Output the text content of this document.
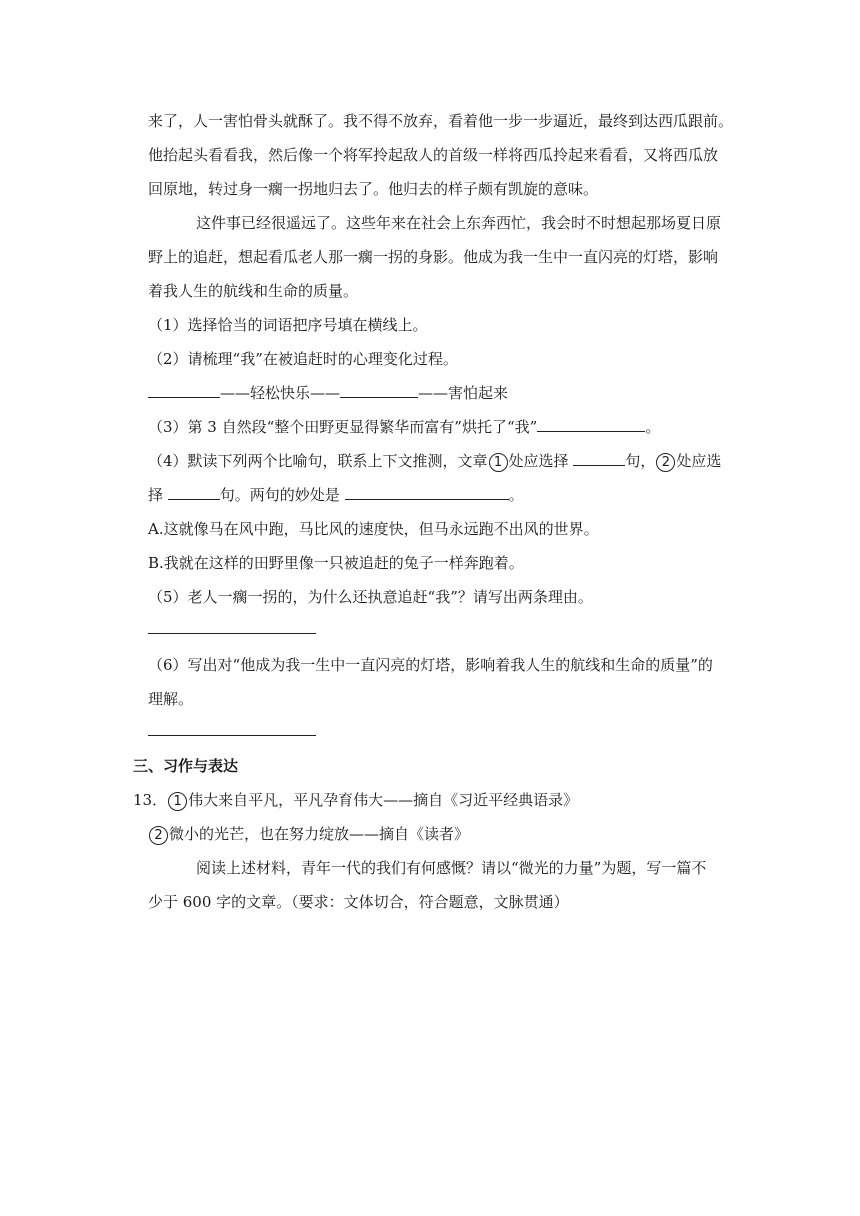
来了，人一害怕骨头就酥了。我不得不放弃，看着他一步一步逼近，最终到达西瓜跟前。
他抬起头看看我，然后像一个将军拎起敌人的首级一样将西瓜拎起来看看，又将西瓜放
回原地，转过身一瘸一拐地归去了。他归去的样子颇有凯旋的意味。
这件事已经很遥远了。这些年来在社会上东奔西忙，我会时不时想起那场夏日原
野上的追赶，想起看瓜老人那一瘸一拐的身影。他成为我一生中一直闪亮的灯塔，影响
着我人生的航线和生命的质量。
（1）选择恰当的词语把序号填在横线上。
（2）请梳理“我”在被追赶时的心理变化过程。
——轻松快乐——	——害怕起来
（3）第 3 自然段“整个田野更显得繁华而富有”烘托了“我”	。
（4）默读下列两个比喻句，联系上下文推测，文章 1 处应选择	句， 2 处应选
择	句。两句的妙处是	。
A.这就像马在风中跑，马比风的速度快，但马永远跑不出风的世界。
B.我就在这样的田野里像一只被追赶的兔子一样奔跑着。
（5）老人一瘸一拐的，为什么还执意追赶“我”？请写出两条理由。
（6）写出对“他成为我一生中一直闪亮的灯塔，影响着我人生的航线和生命的质量”的
理解。
三、习作与表达
13． 1 伟大来自平凡，平凡孕育伟大——摘自《习近平经典语录》
2 微小的光芒，也在努力绽放——摘自《读者》
阅读上述材料，青年一代的我们有何感慨？请以“微光的力量”为题，写一篇不
少于 600 字的文章。（要求：文体切合，符合题意，文脉贯通）
